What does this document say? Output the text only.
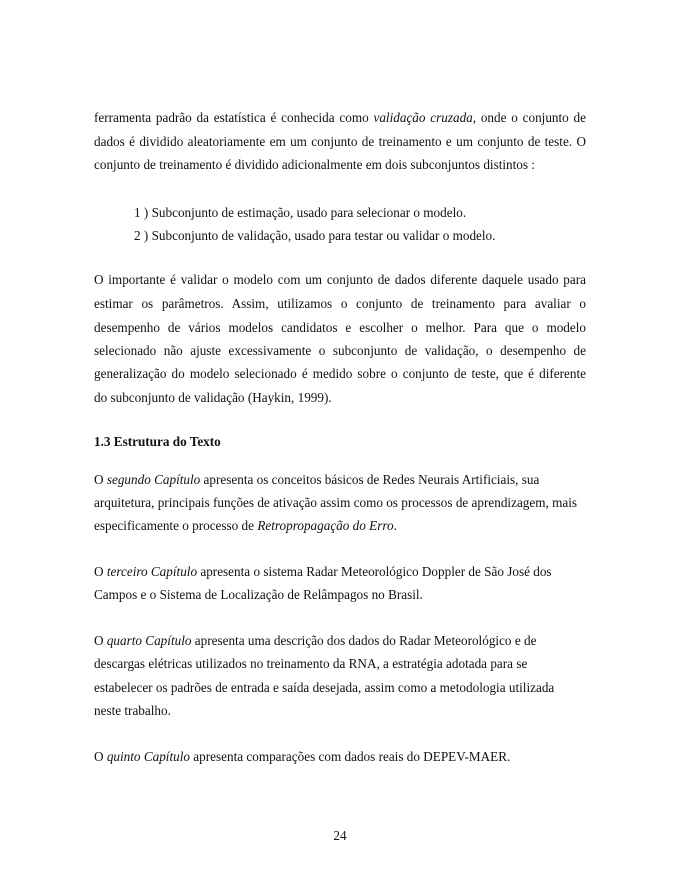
ferramenta padrão da estatística é conhecida como validação cruzada, onde o conjunto de
dados é dividido aleatoriamente em um conjunto de treinamento e um conjunto de teste. O
conjunto de treinamento é dividido adicionalmente em dois subconjuntos distintos :
1 ) Subconjunto de estimação, usado para selecionar o modelo.
2 ) Subconjunto de validação, usado para testar ou validar o modelo.
O importante é validar o modelo com um conjunto de dados diferente daquele usado para
estimar os parâmetros. Assim, utilizamos o conjunto de treinamento para avaliar o
desempenho de vários modelos candidatos e escolher o melhor. Para que o modelo
selecionado não ajuste excessivamente o subconjunto de validação, o desempenho de
generalização do modelo selecionado é medido sobre o conjunto de teste, que é diferente
do subconjunto de validação (Haykin, 1999).
1.3 Estrutura do Texto
O segundo Capítulo apresenta os conceitos básicos de Redes Neurais Artificiais, sua
arquitetura, principais funções de ativação assim como os processos de aprendizagem, mais
especificamente o processo de Retropropagação do Erro.
O terceiro Capítulo apresenta o sistema Radar Meteorológico Doppler de São José dos
Campos e o Sistema de Localização de Relâmpagos no Brasil.
O quarto Capítulo apresenta uma descrição dos dados do Radar Meteorológico e de
descargas elétricas utilizados no treinamento da RNA, a estratégia adotada para se
estabelecer os padrões de entrada e saída desejada, assim como a metodologia utilizada
neste trabalho.
O quinto Capítulo apresenta comparações com dados reais do DEPEV-MAER.
24
